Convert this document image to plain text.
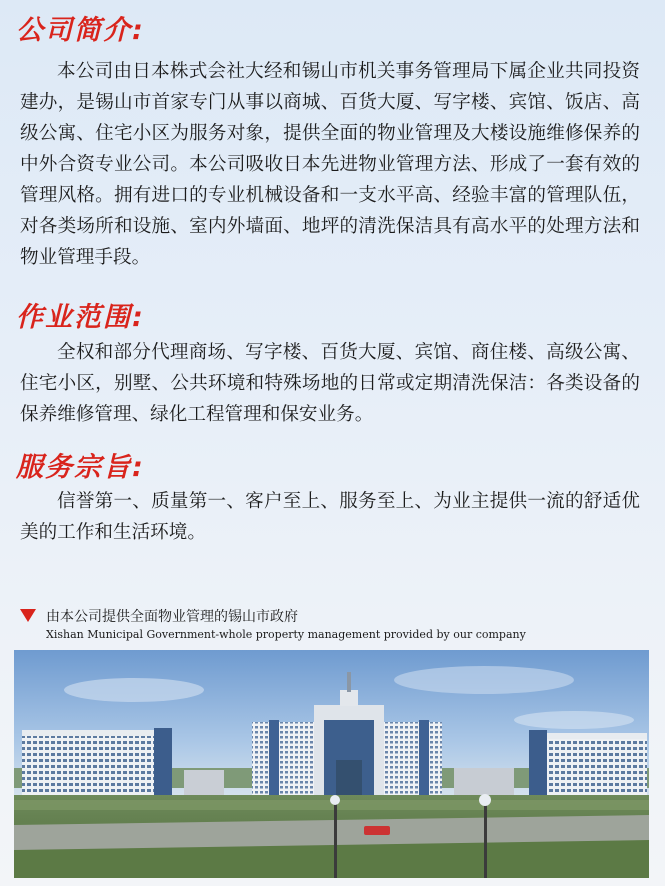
公司简介:

本公司由日本株式会社大经和锡山市机关事务管理局下属企业共同投资建办，是锡山市首家专门从事以商城、百货大厦、写字楼、宾馆、饭店、高级公寓、住宅小区为服务对象，提供全面的物业管理及大楼设施维修保养的中外合资专业公司。本公司吸收日本先进物业管理方法、形成了一套有效的管理风格。拥有进口的专业机械设备和一支水平高、经验丰富的管理队伍，对各类场所和设施、室内外墙面、地坪的清洗保洁具有高水平的处理方法和物业管理手段。

作业范围:

全权和部分代理商场、写字楼、百货大厦、宾馆、商住楼、高级公寓、住宅小区，别墅、公共环境和特殊场地的日常或定期清洗保洁：各类设备的保养维修管理、绿化工程管理和保安业务。

服务宗旨:

信誉第一、质量第一、客户至上、服务至上、为业主提供一流的舒适优美的工作和生活环境。

由本公司提供全面物业管理的锡山市政府
Xishan Municipal Government-whole property management provided by our company
